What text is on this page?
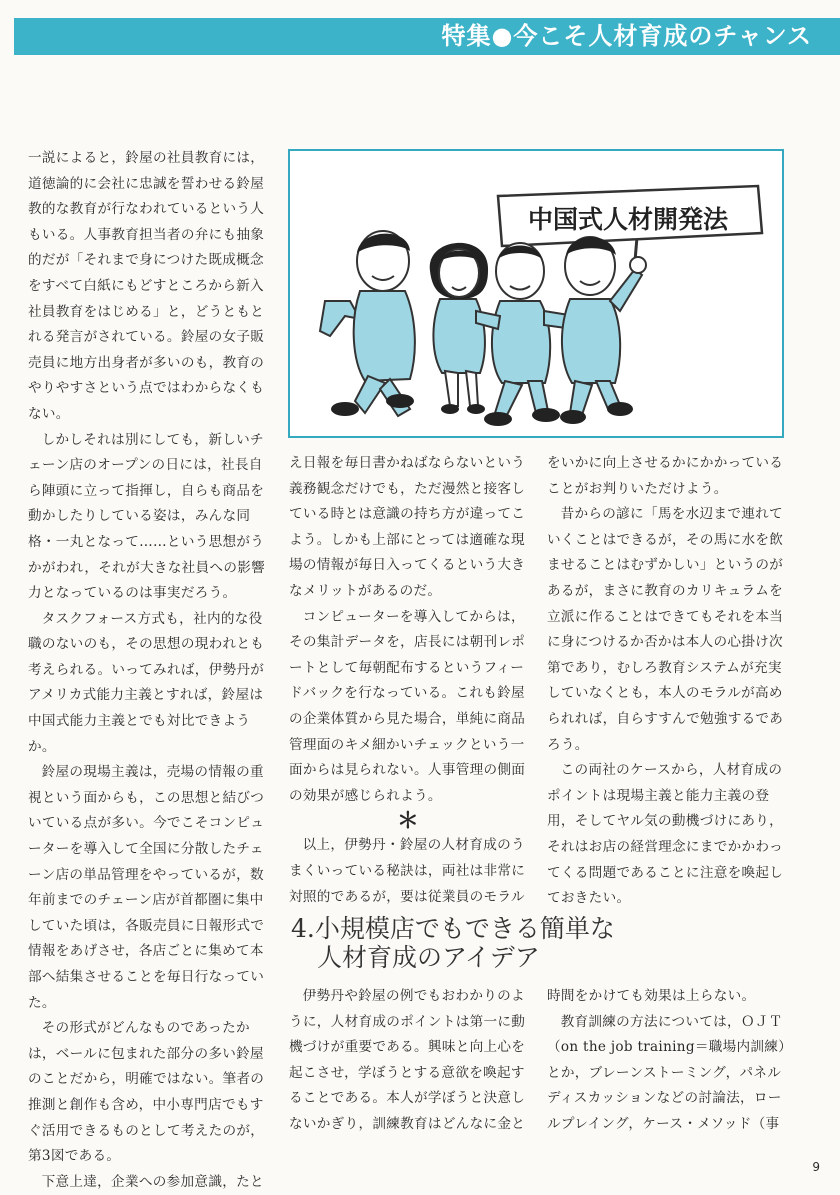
特集●今こそ人材育成のチャンス

一説によると，鈴屋の社員教育には，道徳論的に会社に忠誠を誓わせる鈴屋教的な教育が行なわれているという人もいる。人事教育担当者の弁にも抽象的だが「それまで身につけた既成概念をすべて白紙にもどすところから新入社員教育をはじめる」と，どうともとれる発言がされている。鈴屋の女子販売員に地方出身者が多いのも，教育のやりやすさという点ではわからなくもない。

しかしそれは別にしても，新しいチェーン店のオープンの日には，社長自ら陣頭に立って指揮し，自らも商品を動かしたりしている姿は，みんな同格・一丸となって……という思想がうかがわれ，それが大きな社員への影響力となっているのは事実だろう。

タスクフォース方式も，社内的な役職のないのも，その思想の現われとも考えられる。いってみれば，伊勢丹がアメリカ式能力主義とすれば，鈴屋は中国式能力主義とでも対比できようか。

鈴屋の現場主義は，売場の情報の重視という面からも，この思想と結びついている点が多い。今でこそコンピューターを導入して全国に分散したチェーン店の単品管理をやっているが，数年前までのチェーン店が首都圏に集中していた頃は，各販売員に日報形式で情報をあげさせ，各店ごとに集めて本部へ結集させることを毎日行なっていた。

その形式がどんなものであったかは，ベールに包まれた部分の多い鈴屋のことだから，明確ではない。筆者の推測と創作も含め，中小専門店でもすぐ活用できるものとして考えたのが，第3図である。

下意上達，企業への参加意識，たと

中国式人材開発法

え日報を毎日書かねばならないという義務観念だけでも，ただ漫然と接客している時とは意識の持ち方が違ってこよう。しかも上部にとっては適確な現場の情報が毎日入ってくるという大きなメリットがあるのだ。

コンピューターを導入してからは，その集計データを，店長には朝刊レポートとして毎朝配布するというフィードバックを行なっている。これも鈴屋の企業体質から見た場合，単純に商品管理面のキメ細かいチェックという一面からは見られない。人事管理の側面の効果が感じられよう。

＊

以上，伊勢丹・鈴屋の人材育成のうまくいっている秘訣は，両社は非常に対照的であるが，要は従業員のモラル

をいかに向上させるかにかかっていることがお判りいただけよう。

昔からの諺に「馬を水辺まで連れていくことはできるが，その馬に水を飲ませることはむずかしい」というのがあるが，まさに教育のカリキュラムを立派に作ることはできてもそれを本当に身につけるか否かは本人の心掛け次第であり，むしろ教育システムが充実していなくとも，本人のモラルが高められれば，自らすすんで勉強するであろう。

この両社のケースから，人材育成のポイントは現場主義と能力主義の登用，そしてヤル気の動機づけにあり，それはお店の経営理念にまでかかわってくる問題であることに注意を喚起しておきたい。

4.小規模店でもできる簡単な
人材育成のアイデア

伊勢丹や鈴屋の例でもおわかりのように，人材育成のポイントは第一に動機づけが重要である。興味と向上心を起こさせ，学ぼうとする意欲を喚起することである。本人が学ぼうと決意しないかぎり，訓練教育はどんなに金と

時間をかけても効果は上らない。

教育訓練の方法については，ＯＪＴ（on the job training＝職場内訓練）とか，ブレーンストーミング，パネルディスカッションなどの討論法，ロールプレイング，ケース・メソッド（事

9
